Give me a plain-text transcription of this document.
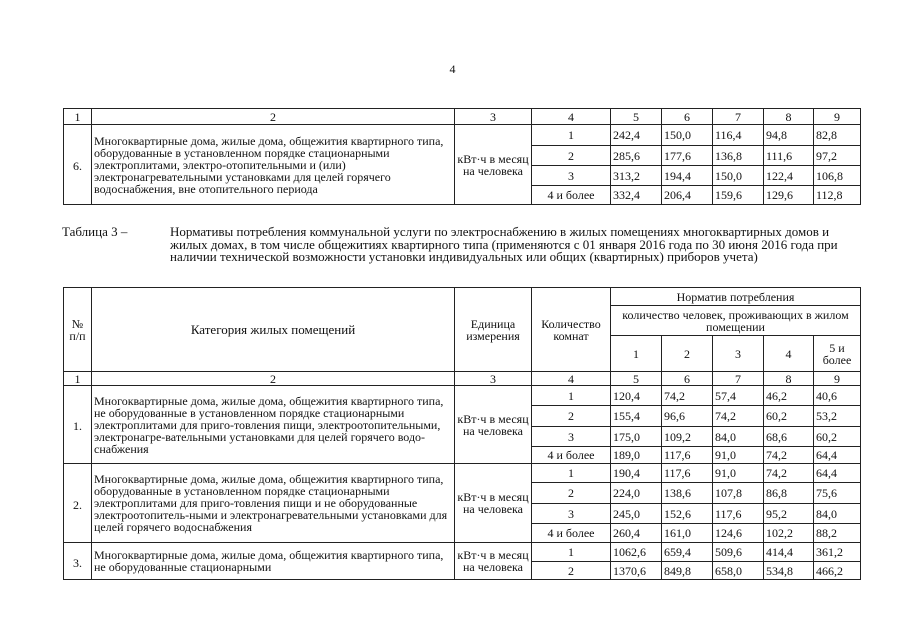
4
1	2	3	4	5	6	7	8	9
6.	Многоквартирные дома, жилые дома, общежития квартирного типа, оборудованные в установленном порядке стационарными электроплитами, электро-отопительными и (или) электронагревательными установками для целей горячего водоснабжения, вне отопительного периода	кВт·ч в месяц на человека	1	242,4	150,0	116,4	94,8	82,8
			2	285,6	177,6	136,8	111,6	97,2
			3	313,2	194,4	150,0	122,4	106,8
			4 и более	332,4	206,4	159,6	129,6	112,8
Таблица 3 –	Нормативы потребления коммунальной услуги по электроснабжению в жилых помещениях многоквартирных домов и жилых домах, в том числе общежитиях квартирного типа (применяются с 01 января 2016 года по 30 июня 2016 года при наличии технической возможности установки индивидуальных или общих (квартирных) приборов учета)
№ п/п	Категория жилых помещений	Единица измерения	Количество комнат	Норматив потребления				
				количество человек, проживающих в жилом помещении				
				1	2	3	4	5 и более
1	2	3	4	5	6	7	8	9
1.	Многоквартирные дома, жилые дома, общежития квартирного типа, не оборудованные в установленном порядке стационарными электроплитами для приго-товления пищи, электроотопительными, электронагре-вательными установками для целей горячего водо-снабжения	кВт·ч в месяц на человека	1	120,4	74,2	57,4	46,2	40,6
			2	155,4	96,6	74,2	60,2	53,2
			3	175,0	109,2	84,0	68,6	60,2
			4 и более	189,0	117,6	91,0	74,2	64,4
2.	Многоквартирные дома, жилые дома, общежития квартирного типа, оборудованные в установленном порядке стационарными электроплитами для приго-товления пищи и не оборудованные электроотопитель-ными и электронагревательными установками для целей горячего водоснабжения	кВт·ч в месяц на человека	1	190,4	117,6	91,0	74,2	64,4
			2	224,0	138,6	107,8	86,8	75,6
			3	245,0	152,6	117,6	95,2	84,0
			4 и более	260,4	161,0	124,6	102,2	88,2
3.	Многоквартирные дома, жилые дома, общежития квартирного типа, не оборудованные стационарными	кВт·ч в месяц на человека	1	1062,6	659,4	509,6	414,4	361,2
			2	1370,6	849,8	658,0	534,8	466,2
